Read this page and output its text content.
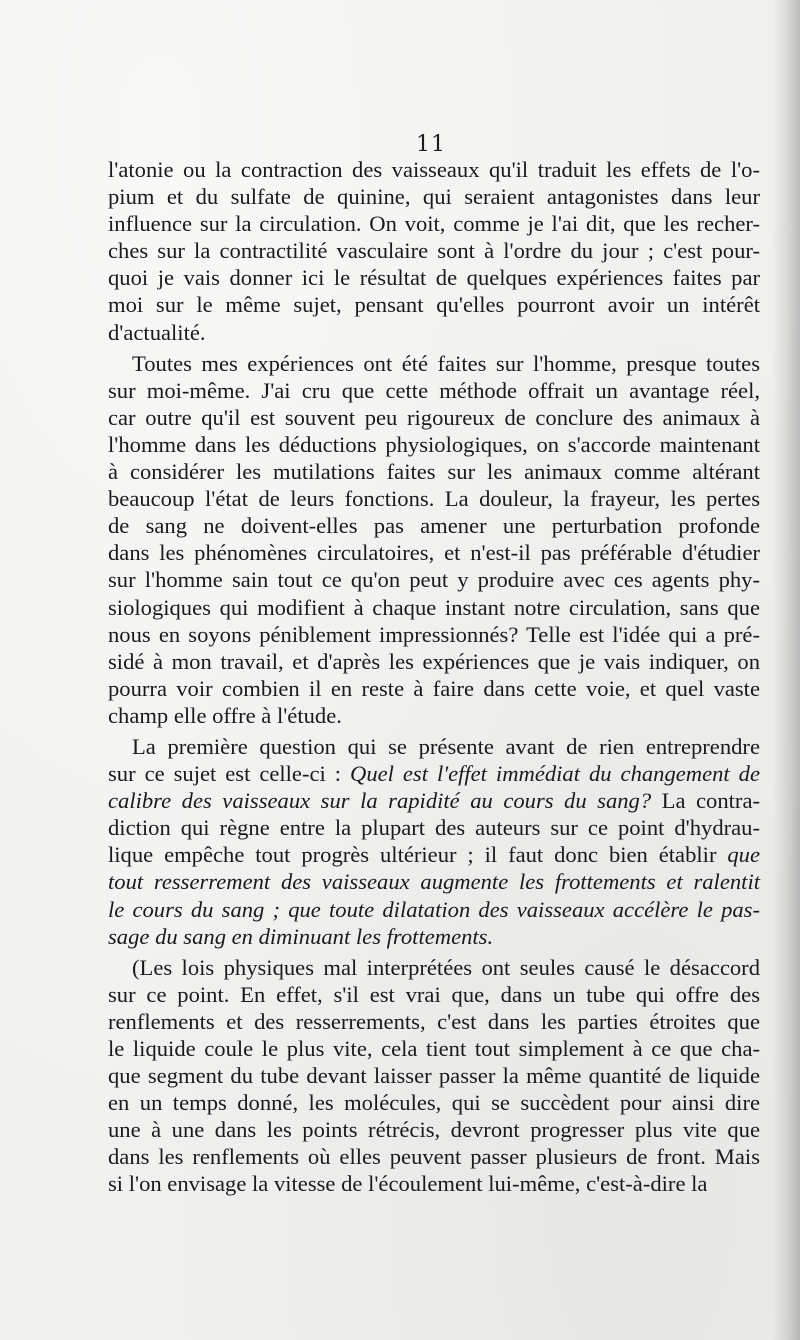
11
l'atonie ou la contraction des vaisseaux qu'il traduit les effets de l'o-
pium et du sulfate de quinine, qui seraient antagonistes dans leur
influence sur la circulation. On voit, comme je l'ai dit, que les recher-
ches sur la contractilité vasculaire sont à l'ordre du jour ; c'est pour-
quoi je vais donner ici le résultat de quelques expériences faites par
moi sur le même sujet, pensant qu'elles pourront avoir un intérêt
d'actualité.
Toutes mes expériences ont été faites sur l'homme, presque toutes
sur moi-même. J'ai cru que cette méthode offrait un avantage réel,
car outre qu'il est souvent peu rigoureux de conclure des animaux à
l'homme dans les déductions physiologiques, on s'accorde maintenant
à considérer les mutilations faites sur les animaux comme altérant
beaucoup l'état de leurs fonctions. La douleur, la frayeur, les pertes
de sang ne doivent-elles pas amener une perturbation profonde
dans les phénomènes circulatoires, et n'est-il pas préférable d'étudier
sur l'homme sain tout ce qu'on peut y produire avec ces agents phy-
siologiques qui modifient à chaque instant notre circulation, sans que
nous en soyons péniblement impressionnés? Telle est l'idée qui a pré-
sidé à mon travail, et d'après les expériences que je vais indiquer, on
pourra voir combien il en reste à faire dans cette voie, et quel vaste
champ elle offre à l'étude.
La première question qui se présente avant de rien entreprendre
sur ce sujet est celle-ci : Quel est l'effet immédiat du changement de
calibre des vaisseaux sur la rapidité au cours du sang? La contra-
diction qui règne entre la plupart des auteurs sur ce point d'hydrau-
lique empêche tout progrès ultérieur ; il faut donc bien établir que
tout resserrement des vaisseaux augmente les frottements et ralentit
le cours du sang ; que toute dilatation des vaisseaux accélère le pas-
sage du sang en diminuant les frottements.
(Les lois physiques mal interprétées ont seules causé le désaccord
sur ce point. En effet, s'il est vrai que, dans un tube qui offre des
renflements et des resserrements, c'est dans les parties étroites que
le liquide coule le plus vite, cela tient tout simplement à ce que cha-
que segment du tube devant laisser passer la même quantité de liquide
en un temps donné, les molécules, qui se succèdent pour ainsi dire
une à une dans les points rétrécis, devront progresser plus vite que
dans les renflements où elles peuvent passer plusieurs de front. Mais
si l'on envisage la vitesse de l'écoulement lui-même, c'est-à-dire la
